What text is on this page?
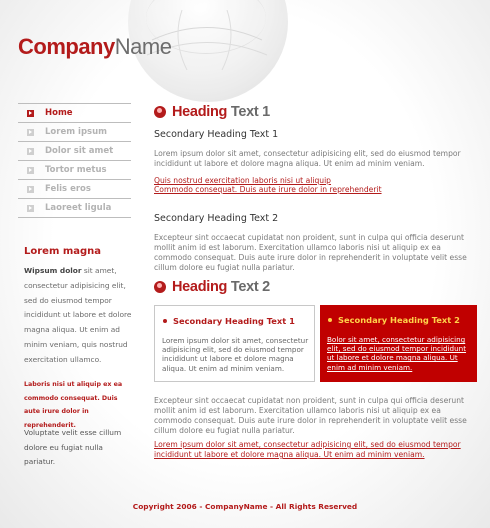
CompanyName
Home
Lorem ipsum
Dolor sit amet
Tortor metus
Felis eros
Laoreet ligula
Lorem magna
Wipsum dolor sit amet, consectetur adipisicing elit, sed do eiusmod tempor incididunt ut labore et dolore magna aliqua. Ut enim ad minim veniam, quis nostrud exercitation ullamco.
Laboris nisi ut aliquip ex ea commodo consequat. Duis aute irure dolor in reprehenderit.
Voluptate velit esse cillum dolore eu fugiat nulla pariatur.
Heading Text 1
Secondary Heading Text 1
Lorem ipsum dolor sit amet, consectetur adipisicing elit, sed do eiusmod tempor incididunt ut labore et dolore magna aliqua. Ut enim ad minim veniam.
Quis nostrud exercitation laboris nisi ut aliquip
Commodo consequat. Duis aute irure dolor in reprehenderit
Secondary Heading Text 2
Excepteur sint occaecat cupidatat non proident, sunt in culpa qui officia deserunt mollit anim id est laborum. Exercitation ullamco laboris nisi ut aliquip ex ea commodo consequat. Duis aute irure dolor in reprehenderit in voluptate velit esse cillum dolore eu fugiat nulla pariatur.
Heading Text 2
Secondary Heading Text 1
Lorem ipsum dolor sit amet, consectetur adipisicing elit, sed do eiusmod tempor incididunt ut labore et dolore magna aliqua. Ut enim ad minim veniam.
Secondary Heading Text 2
Bolor sit amet, consectetur adipisicing elit, sed do eiusmod tempor incididunt ut labore et dolore magna aliqua. Ut enim ad minim veniam.
Excepteur sint occaecat cupidatat non proident, sunt in culpa qui officia deserunt mollit anim id est laborum. Exercitation ullamco laboris nisi ut aliquip ex ea commodo consequat. Duis aute irure dolor in reprehenderit in voluptate velit esse cillum dolore eu fugiat nulla pariatur.
Lorem ipsum dolor sit amet, consectetur adipisicing elit, sed do eiusmod tempor incididunt ut labore et dolore magna aliqua. Ut enim ad minim veniam.
Copyright 2006 - CompanyName - All Rights Reserved
